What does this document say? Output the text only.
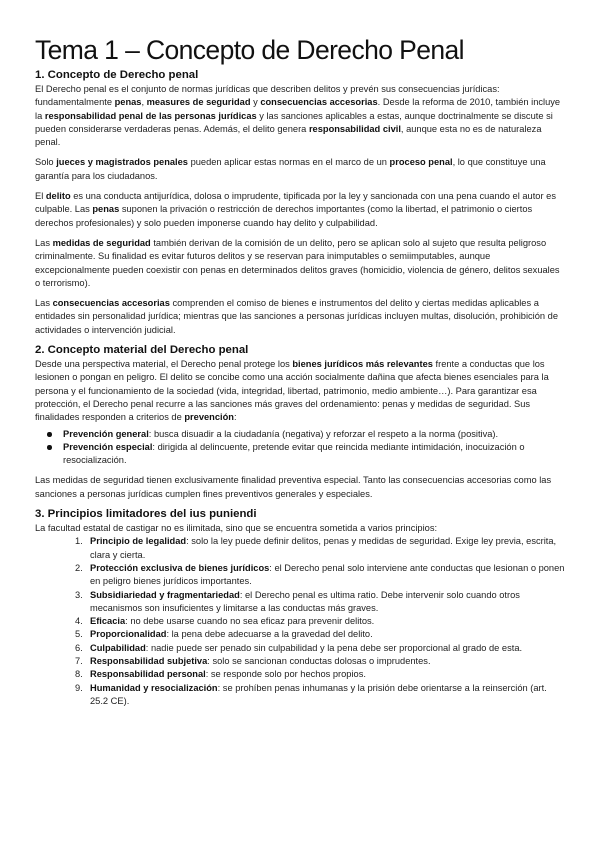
Tema 1 – Concepto de Derecho Penal
1. Concepto de Derecho penal

El Derecho penal es el conjunto de normas jurídicas que describen delitos y prevén sus consecuencias jurídicas: fundamentalmente penas, measures de seguridad y consecuencias accesorias. Desde la reforma de 2010, también incluye la responsabilidad penal de las personas jurídicas y las sanciones aplicables a estas, aunque doctrinalmente se discute si pueden considerarse verdaderas penas. Además, el delito genera responsabilidad civil, aunque esta no es de naturaleza penal.

Solo jueces y magistrados penales pueden aplicar estas normas en el marco de un proceso penal, lo que constituye una garantía para los ciudadanos.

El delito es una conducta antijurídica, dolosa o imprudente, tipificada por la ley y sancionada con una pena cuando el autor es culpable. Las penas suponen la privación o restricción de derechos importantes (como la libertad, el patrimonio o ciertos derechos profesionales) y solo pueden imponerse cuando hay delito y culpabilidad.

Las medidas de seguridad también derivan de la comisión de un delito, pero se aplican solo al sujeto que resulta peligroso criminalmente. Su finalidad es evitar futuros delitos y se reservan para inimputables o semiimputables, aunque excepcionalmente pueden coexistir con penas en determinados delitos graves (homicidio, violencia de género, delitos sexuales o terrorismo).

Las consecuencias accesorias comprenden el comiso de bienes e instrumentos del delito y ciertas medidas aplicables a entidades sin personalidad jurídica; mientras que las sanciones a personas jurídicas incluyen multas, disolución, prohibición de actividades o intervención judicial.

2. Concepto material del Derecho penal

Desde una perspectiva material, el Derecho penal protege los bienes jurídicos más relevantes frente a conductas que los lesionen o pongan en peligro. El delito se concibe como una acción socialmente dañina que afecta bienes esenciales para la persona y el funcionamiento de la sociedad (vida, integridad, libertad, patrimonio, medio ambiente…). Para garantizar esa protección, el Derecho penal recurre a las sanciones más graves del ordenamiento: penas y medidas de seguridad. Sus finalidades responden a criterios de prevención:

Prevención general: busca disuadir a la ciudadanía (negativa) y reforzar el respeto a la norma (positiva).
Prevención especial: dirigida al delincuente, pretende evitar que reincida mediante intimidación, inocuización o resocialización.

Las medidas de seguridad tienen exclusivamente finalidad preventiva especial. Tanto las consecuencias accesorias como las sanciones a personas jurídicas cumplen fines preventivos generales y especiales.

3. Principios limitadores del ius puniendi

La facultad estatal de castigar no es ilimitada, sino que se encuentra sometida a varios principios:

1. Principio de legalidad: solo la ley puede definir delitos, penas y medidas de seguridad. Exige ley previa, escrita, clara y cierta.
2. Protección exclusiva de bienes jurídicos: el Derecho penal solo interviene ante conductas que lesionan o ponen en peligro bienes jurídicos importantes.
3. Subsidiariedad y fragmentariedad: el Derecho penal es ultima ratio. Debe intervenir solo cuando otros mecanismos son insuficientes y limitarse a las conductas más graves.
4. Eficacia: no debe usarse cuando no sea eficaz para prevenir delitos.
5. Proporcionalidad: la pena debe adecuarse a la gravedad del delito.
6. Culpabilidad: nadie puede ser penado sin culpabilidad y la pena debe ser proporcional al grado de esta.
7. Responsabilidad subjetiva: solo se sancionan conductas dolosas o imprudentes.
8. Responsabilidad personal: se responde solo por hechos propios.
9. Humanidad y resocialización: se prohíben penas inhumanas y la prisión debe orientarse a la reinserción (art. 25.2 CE).
